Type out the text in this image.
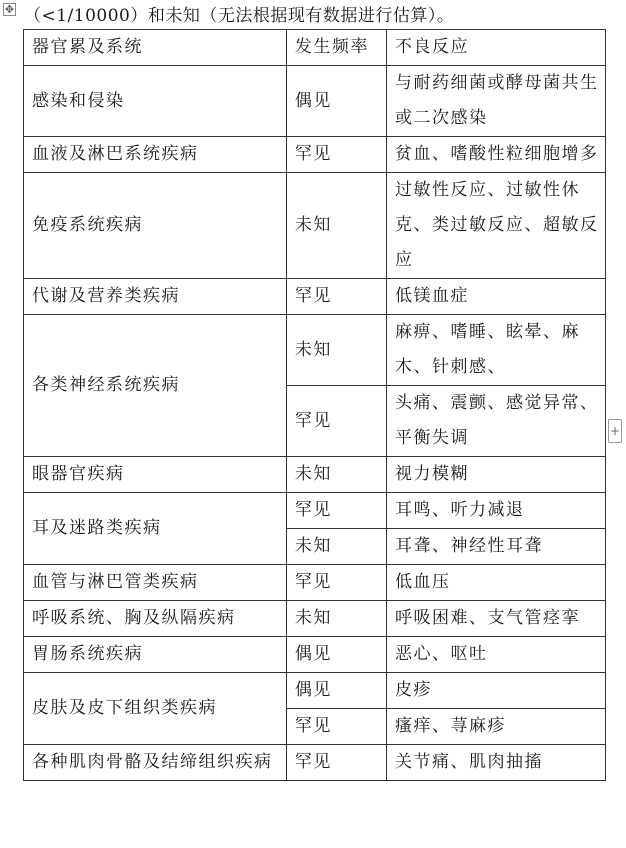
✥ （<1/10000）和未知（无法根据现有数据进行估算）。
器官累及系统	发生频率	不良反应
感染和侵染	偶见	与耐药细菌或酵母菌共生或二次感染
血液及淋巴系统疾病	罕见	贫血、嗜酸性粒细胞增多
免疫系统疾病	未知	过敏性反应、过敏性休克、类过敏反应、超敏反应
代谢及营养类疾病	罕见	低镁血症
各类神经系统疾病	未知	麻痹、嗜睡、眩晕、麻木、针刺感、
	罕见	头痛、震颤、感觉异常、平衡失调
眼器官疾病	未知	视力模糊
耳及迷路类疾病	罕见	耳鸣、听力减退
	未知	耳聋、神经性耳聋
血管与淋巴管类疾病	罕见	低血压
呼吸系统、胸及纵隔疾病	未知	呼吸困难、支气管痉挛
胃肠系统疾病	偶见	恶心、呕吐
皮肤及皮下组织类疾病	偶见	皮疹
	罕见	瘙痒、荨麻疹
各种肌肉骨骼及结缔组织疾病	罕见	关节痛、肌肉抽搐
+
